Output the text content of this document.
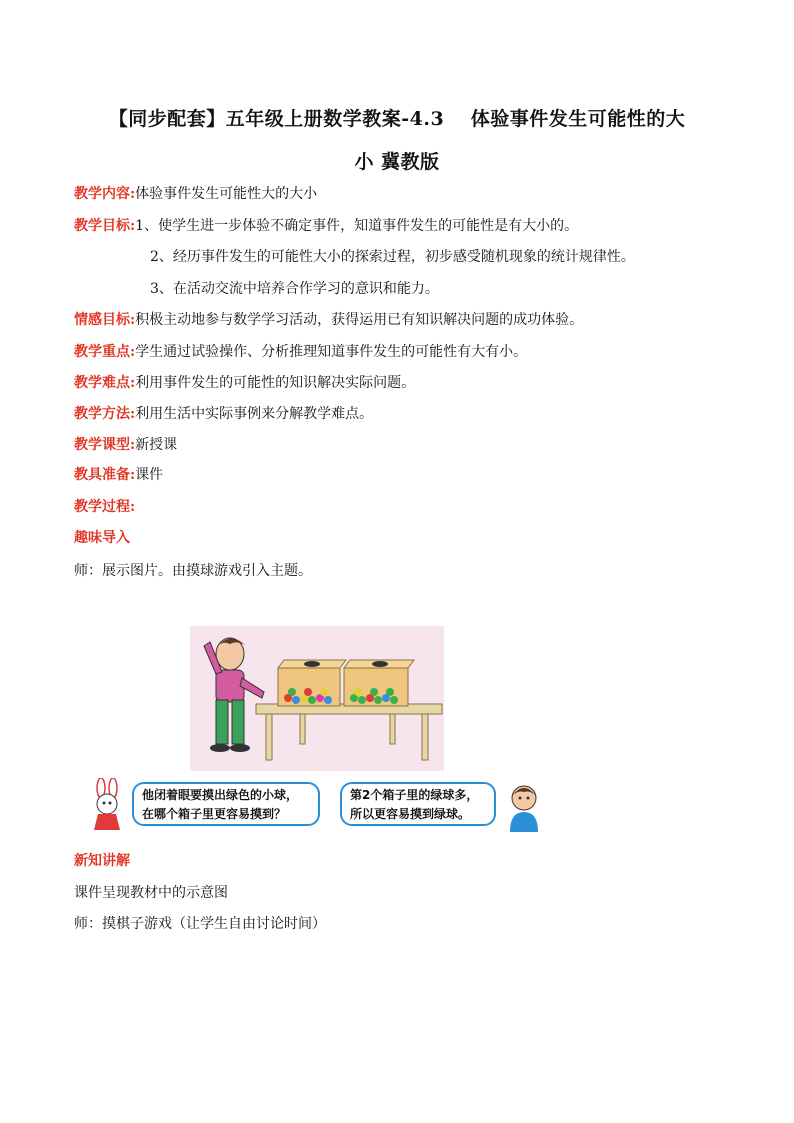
【同步配套】五年级上册数学教案-4.3　 体验事件发生可能性的大
小 冀教版
教学内容:体验事件发生可能性大的大小
教学目标:1、使学生进一步体验不确定事件，知道事件发生的可能性是有大小的。
2、经历事件发生的可能性大小的探索过程，初步感受随机现象的统计规律性。
3、在活动交流中培养合作学习的意识和能力。
情感目标:积极主动地参与数学学习活动，获得运用已有知识解决问题的成功体验。
教学重点:学生通过试验操作、分析推理知道事件发生的可能性有大有小。
教学难点:利用事件发生的可能性的知识解决实际问题。
教学方法:利用生活中实际事例来分解教学难点。
教学课型:新授课
教具准备:课件
教学过程:
趣味导入
师：展示图片。由摸球游戏引入主题。
他闭着眼要摸出绿色的小球，
在哪个箱子里更容易摸到？
第2个箱子里的绿球多，
所以更容易摸到绿球。
新知讲解
课件呈现教材中的示意图
师：摸棋子游戏（让学生自由讨论时间）
